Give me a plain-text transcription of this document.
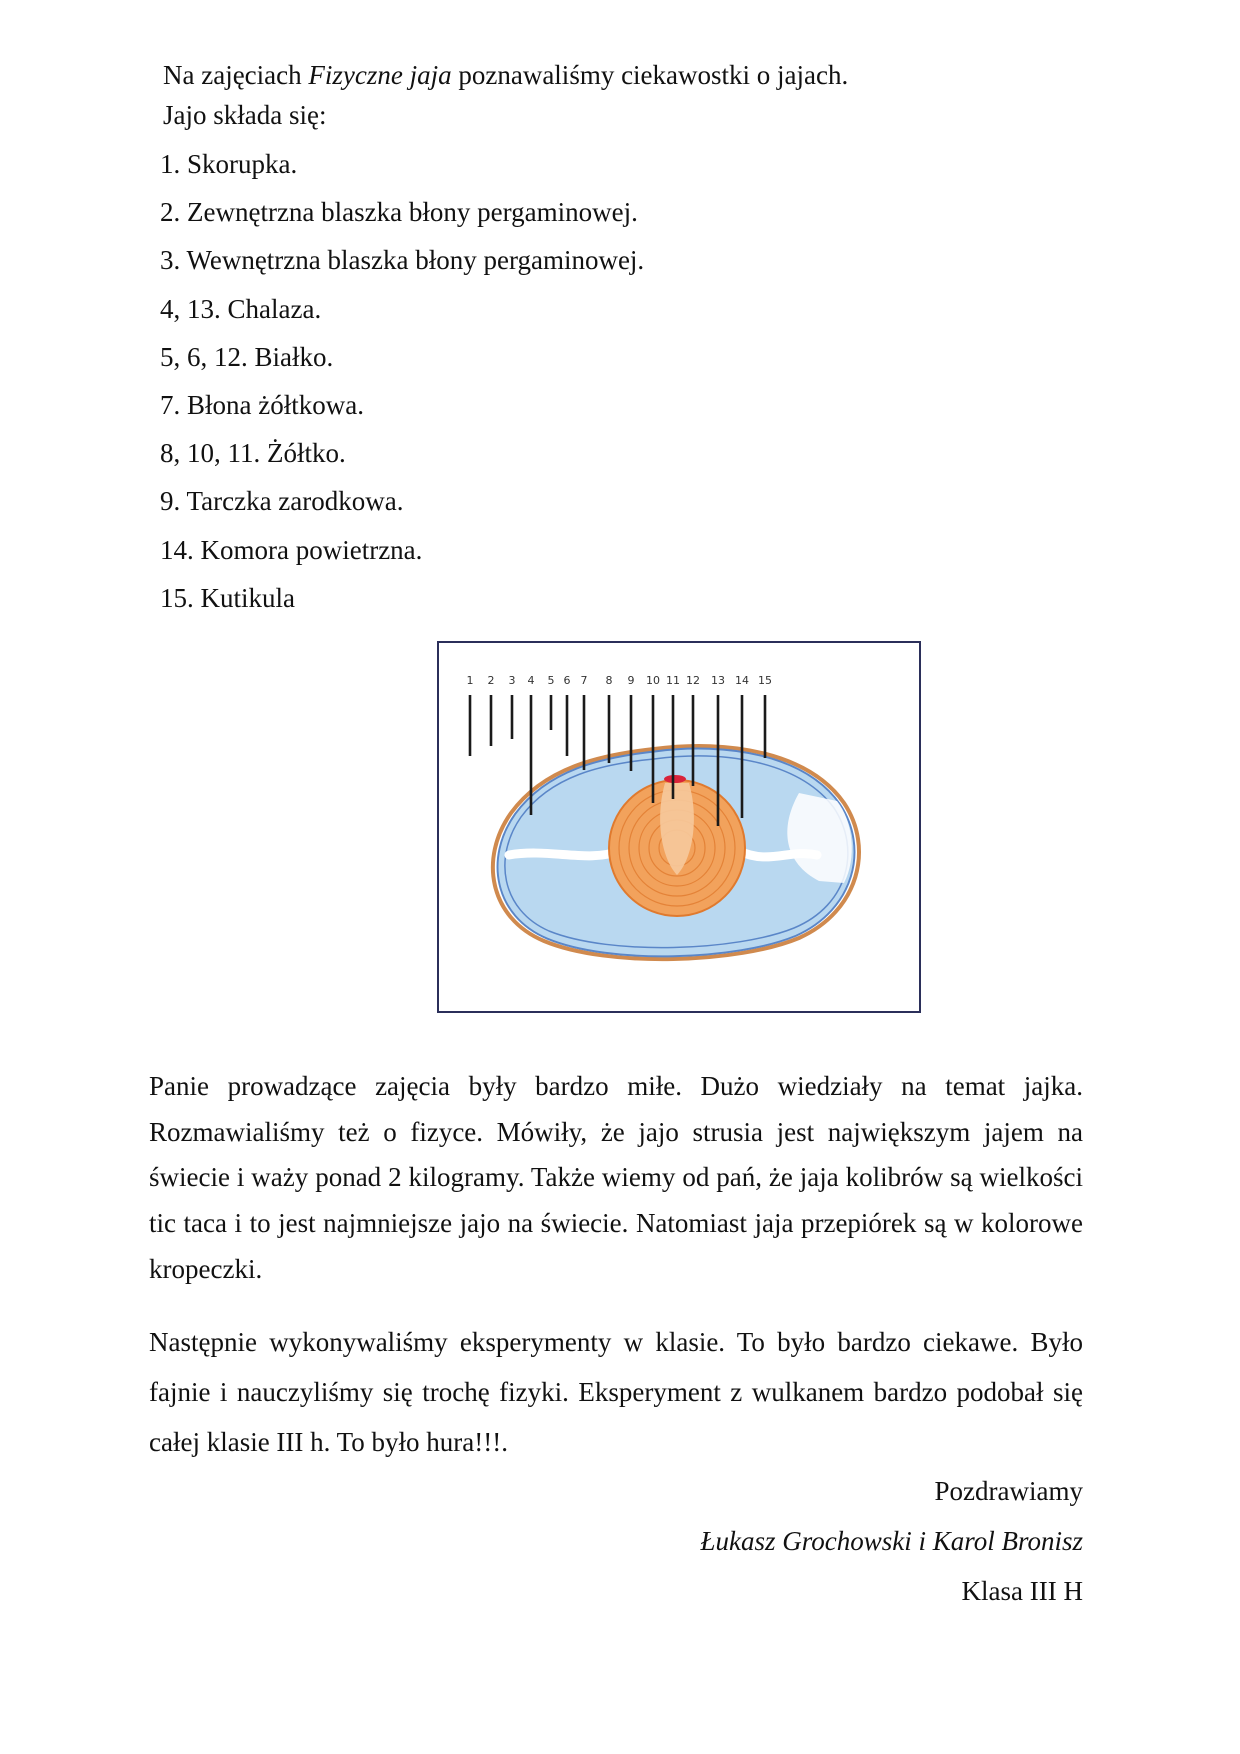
Na zajęciach Fizyczne jaja poznawaliśmy ciekawostki o jajach.
Jajo składa się:
1. Skorupka.
2. Zewnętrzna blaszka błony pergaminowej.
3. Wewnętrzna blaszka błony pergaminowej.
4, 13. Chalaza.
5, 6, 12. Białko.
7. Błona żółtkowa.
8, 10, 11. Żółtko.
9. Tarczka zarodkowa.
14. Komora powietrzna.
15. Kutikula
1 2 3 4 5 6 7 8 9 10 11 12 13 14 15
Panie prowadzące zajęcia były bardzo miłe. Dużo wiedziały na temat jajka. Rozmawialiśmy też o fizyce. Mówiły, że jajo strusia jest największym jajem na świecie i waży ponad 2 kilogramy. Także wiemy od pań, że jaja kolibrów są wielkości tic taca i to jest najmniejsze jajo na świecie. Natomiast jaja przepiórek są w kolorowe kropeczki.
Następnie wykonywaliśmy eksperymenty w klasie. To było bardzo ciekawe. Było fajnie i nauczyliśmy się trochę fizyki. Eksperyment z wulkanem bardzo podobał się całej klasie III h. To było hura!!!.
Pozdrawiamy
Łukasz Grochowski i Karol Bronisz
Klasa III H
